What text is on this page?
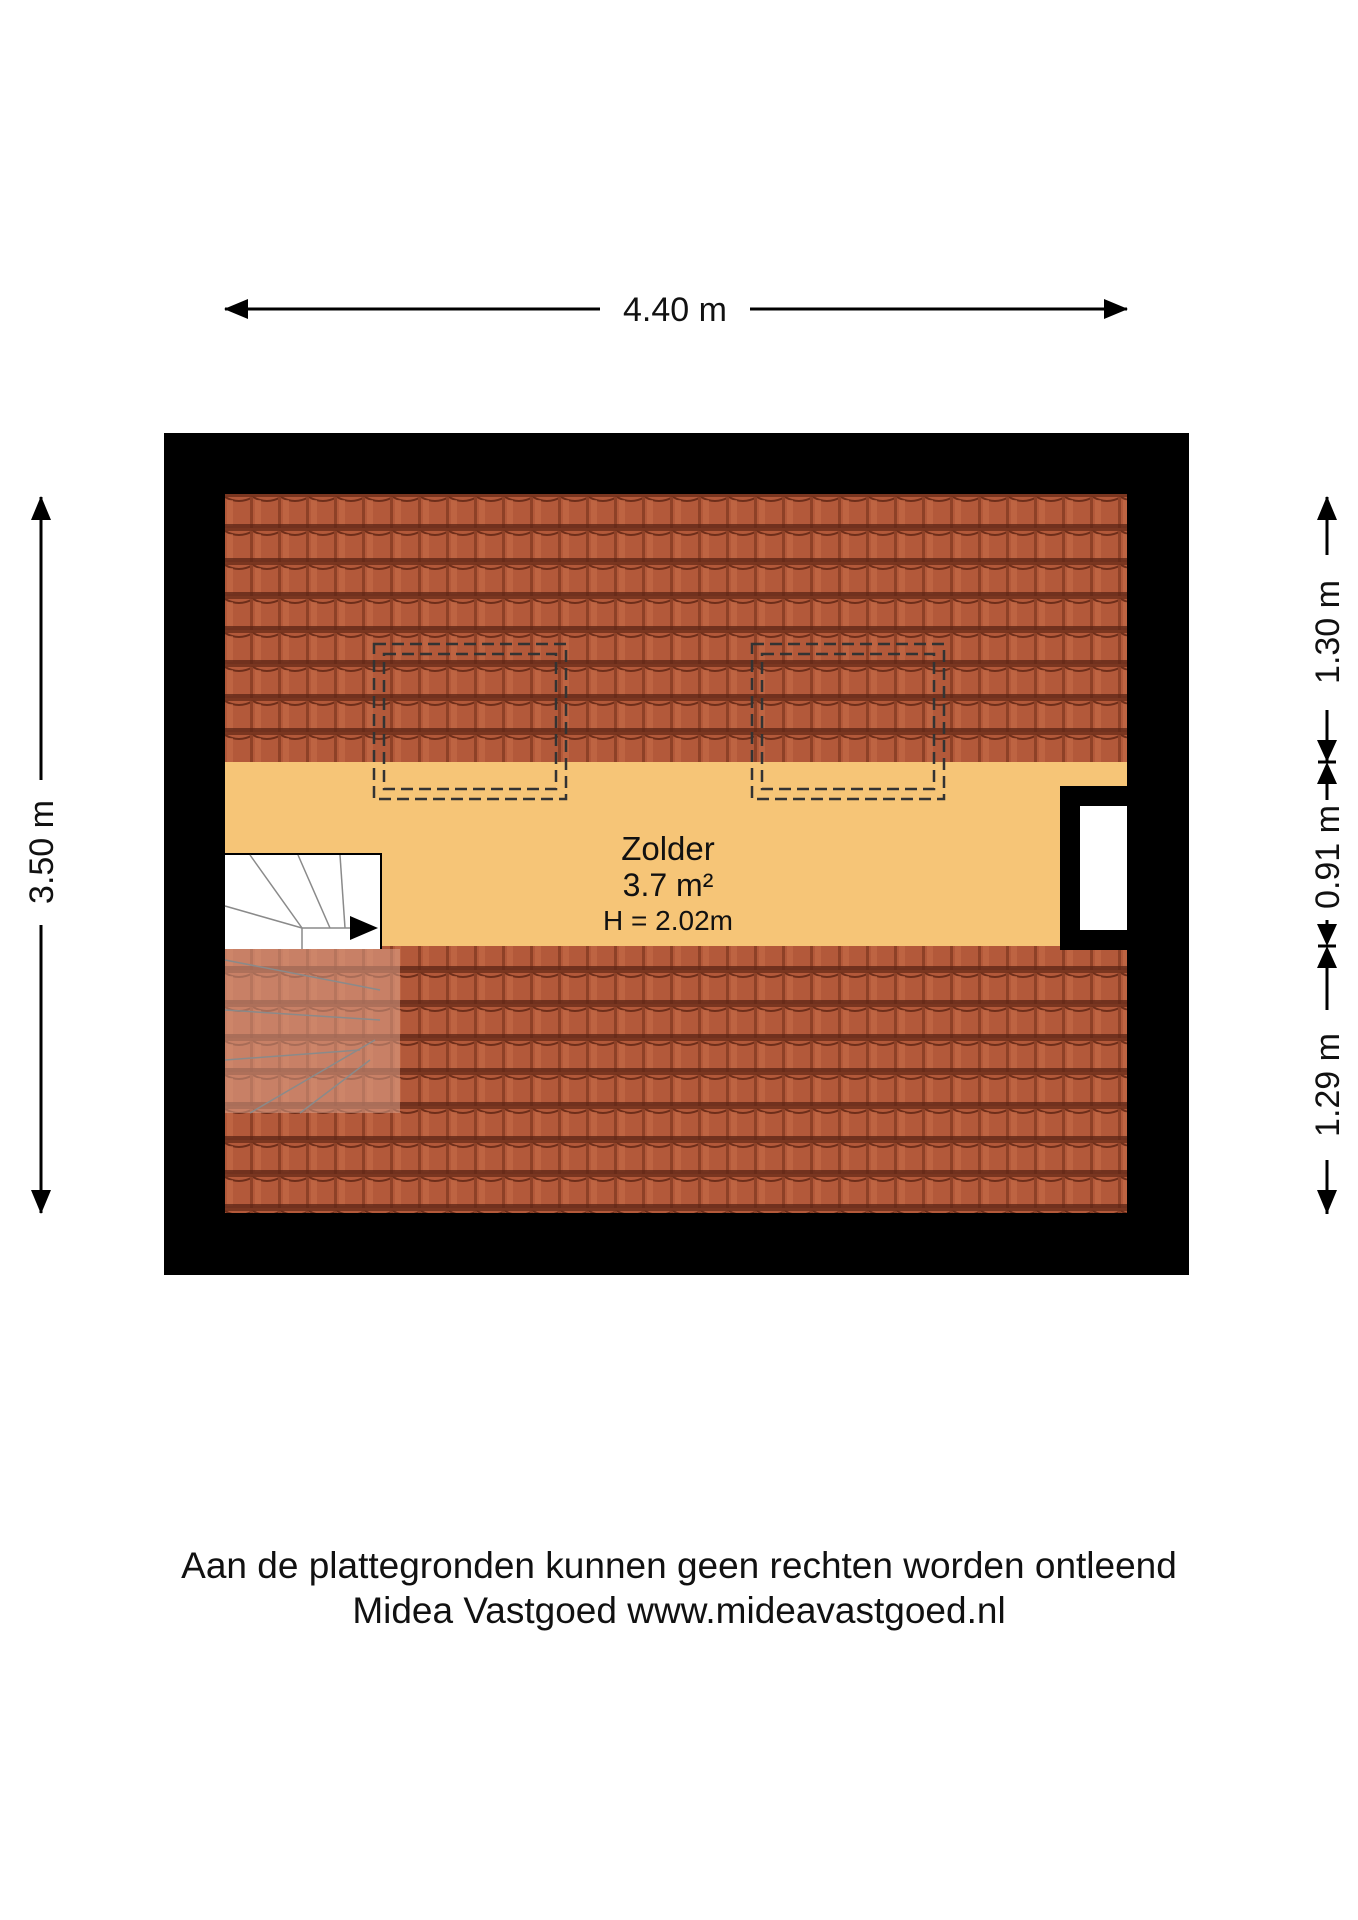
4.40 m
3.50 m
1.30 m
0.91 m
1.29 m
Zolder
3.7 m²
H = 2.02m
Aan de plattegronden kunnen geen rechten worden ontleend
Midea Vastgoed www.mideavastgoed.nl
